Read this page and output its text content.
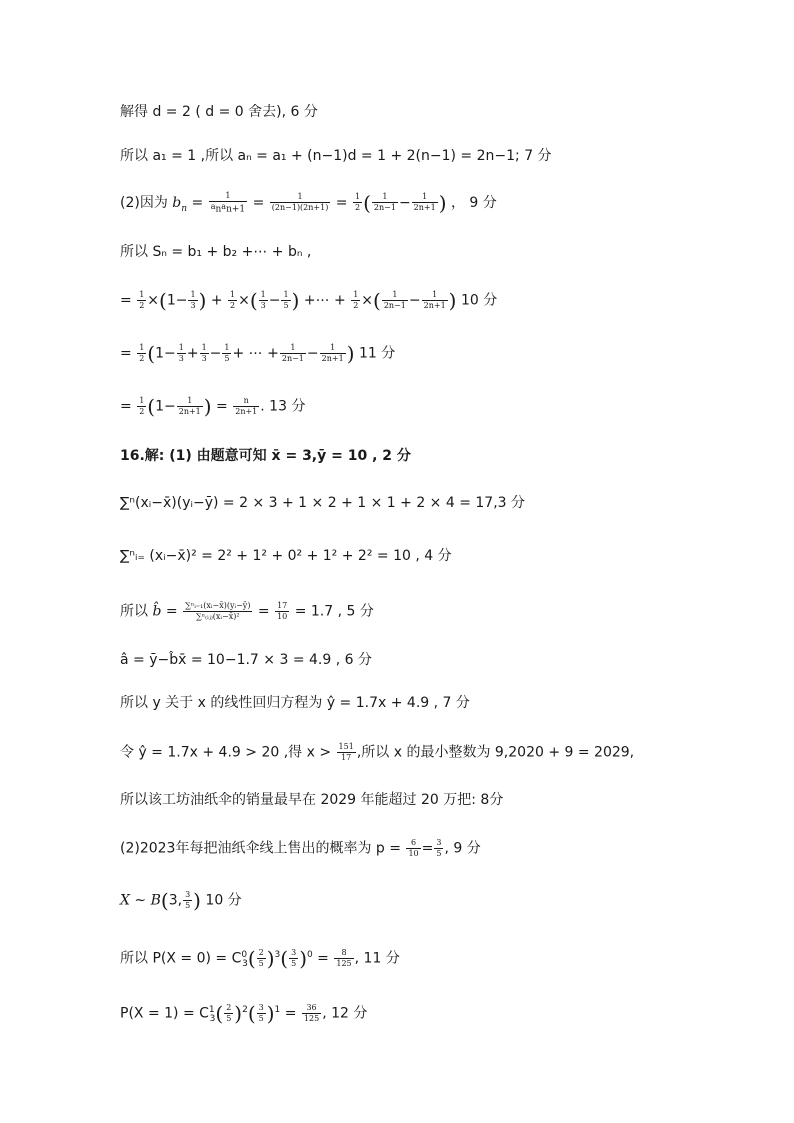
解得 d = 2 ( d = 0 舍去), 6 分
所以 a₁ = 1 ,所以 aₙ = a₁ + (n−1)d = 1 + 2(n−1) = 2n−1; 7 分
(2)因为 $b_n = \frac{1}{a_na_{n+1}} = \frac{1}{(2n-1)(2n+1)} = \frac{1}{2}$ ( $\frac{1}{2n-1} - \frac{1}{2n+1}$ ) ， 9 分
所以 Sₙ = b₁ + b₂ +⋯ + bₙ ,
= $\frac{1}{2} \times(1- \frac{1}{3}$ ) + $\frac{1}{2}$ ×( $\frac{1}{3} - \frac{1}{5}$ ) +⋯ + $\frac{1}{2}$ ×( $\frac{1}{2n-1} - \frac{1}{2n+1}$ ) 10 分
= $\frac{1}{2} (1- \frac{1}{3} + \frac{1}{3} - \frac{1}{5}$ + ⋯ + $\frac{1}{2n-1} - \frac{1}{2n+1}$ ) 11 分
= $\frac{1}{2} (1- \frac{1}{2n+1}$ ) = $\frac{n}{2n+1}$ . 13 分
16.解: (1) 由题意可知 x̄ = 3,ȳ = 10 , 2 分
∑ⁿ(xᵢ−x̄)(yᵢ−ȳ) = 2 × 3 + 1 × 2 + 1 × 1 + 2 × 4 = 17,3 分
∑ⁿᵢ₌ (xᵢ−x̄)² = 2² + 1² + 0² + 1² + 2² = 10 , 4 分
所以 b̂ = $\frac{\text{∑ⁿᵢ₌₁(xᵢ−x̄)(yᵢ−ȳ)}}{\text{∑ⁿ₍ᵢⱼ₎(xᵢ−x̄)²}} = \frac{17}{10} = 1.7$ , 5 分
â = ȳ−b̂x̄ = 10−1.7 × 3 = 4.9 , 6 分
所以 y 关于 x 的线性回归方程为 ŷ = 1.7x + 4.9 , 7 分
令 ŷ = 1.7x + 4.9 > 20 ,得 $x > \frac{151}{17}$ ,所以 x 的最小整数为 9,2020 + 9 = 2029,
所以该工坊油纸伞的销量最早在 2029 年能超过 20 万把: 8分
(2)2023年每把油纸伞线上售出的概率为 $p = \frac{6}{10} = \frac{3}{5}$ , 9 分
X ∼ B(3, $\frac{3}{5}$ ) 10 分
所以 $P(X = 0) = C^0_3( \frac{2}{5} )^3( \frac{3}{5} )^0 = \frac{8}{125}$ , 11 分
$P(X = 1) = C^1_3( \frac{2}{5} )^2( \frac{3}{5} )^1 = \frac{36}{125}$ , 12 分
